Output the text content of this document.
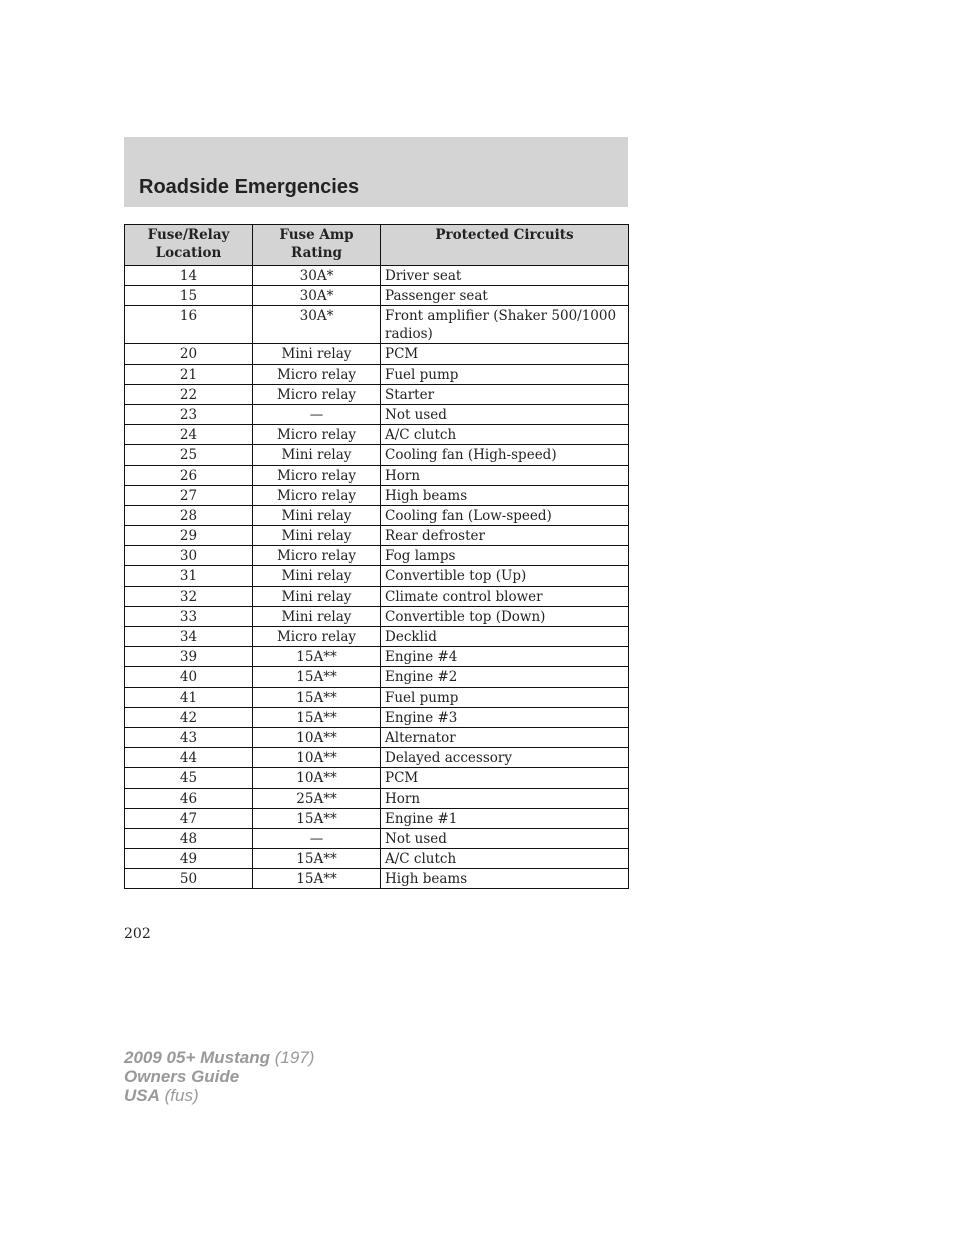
Roadside Emergencies
Fuse/Relay Location	Fuse Amp Rating	Protected Circuits
14	30A*	Driver seat
15	30A*	Passenger seat
16	30A*	Front amplifier (Shaker 500/1000 radios)
20	Mini relay	PCM
21	Micro relay	Fuel pump
22	Micro relay	Starter
23	—	Not used
24	Micro relay	A/C clutch
25	Mini relay	Cooling fan (High-speed)
26	Micro relay	Horn
27	Micro relay	High beams
28	Mini relay	Cooling fan (Low-speed)
29	Mini relay	Rear defroster
30	Micro relay	Fog lamps
31	Mini relay	Convertible top (Up)
32	Mini relay	Climate control blower
33	Mini relay	Convertible top (Down)
34	Micro relay	Decklid
39	15A**	Engine #4
40	15A**	Engine #2
41	15A**	Fuel pump
42	15A**	Engine #3
43	10A**	Alternator
44	10A**	Delayed accessory
45	10A**	PCM
46	25A**	Horn
47	15A**	Engine #1
48	—	Not used
49	15A**	A/C clutch
50	15A**	High beams
202
2009 05+ Mustang (197)
Owners Guide
USA (fus)
